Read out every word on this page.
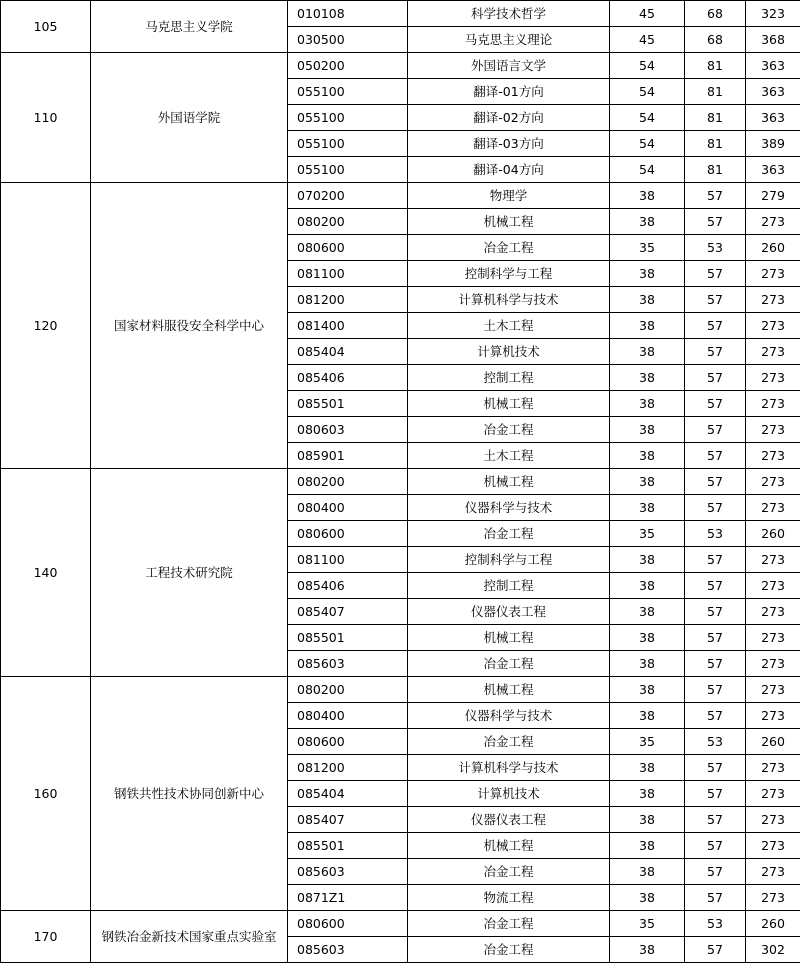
105	马克思主义学院	010108	科学技术哲学	45	68	323
		030500	马克思主义理论	45	68	368
110	外国语学院	050200	外国语言文学	54	81	363
		055100	翻译-01方向	54	81	363
		055100	翻译-02方向	54	81	363
		055100	翻译-03方向	54	81	389
		055100	翻译-04方向	54	81	363
120	国家材料服役安全科学中心	070200	物理学	38	57	279
		080200	机械工程	38	57	273
		080600	冶金工程	35	53	260
		081100	控制科学与工程	38	57	273
		081200	计算机科学与技术	38	57	273
		081400	土木工程	38	57	273
		085404	计算机技术	38	57	273
		085406	控制工程	38	57	273
		085501	机械工程	38	57	273
		080603	冶金工程	38	57	273
		085901	土木工程	38	57	273
140	工程技术研究院	080200	机械工程	38	57	273
		080400	仪器科学与技术	38	57	273
		080600	冶金工程	35	53	260
		081100	控制科学与工程	38	57	273
		085406	控制工程	38	57	273
		085407	仪器仪表工程	38	57	273
		085501	机械工程	38	57	273
		085603	冶金工程	38	57	273
160	钢铁共性技术协同创新中心	080200	机械工程	38	57	273
		080400	仪器科学与技术	38	57	273
		080600	冶金工程	35	53	260
		081200	计算机科学与技术	38	57	273
		085404	计算机技术	38	57	273
		085407	仪器仪表工程	38	57	273
		085501	机械工程	38	57	273
		085603	冶金工程	38	57	273
		0871Z1	物流工程	38	57	273
170	钢铁冶金新技术国家重点实验室	080600	冶金工程	35	53	260
		085603	冶金工程	38	57	302
